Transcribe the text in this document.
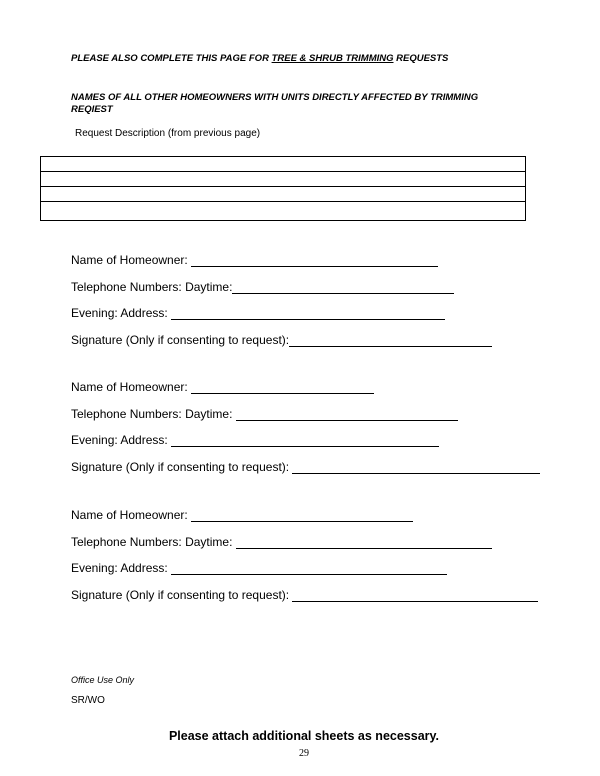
PLEASE ALSO COMPLETE THIS PAGE FOR TREE & SHRUB TRIMMING REQUESTS
NAMES OF ALL OTHER HOMEOWNERS WITH UNITS DIRECTLY AFFECTED BY TRIMMING REQIEST
Request Description (from previous page)
Name of Homeowner:
Telephone Numbers: Daytime:
Evening: Address:
Signature (Only if consenting to request):
Name of Homeowner:
Telephone Numbers: Daytime:
Evening: Address:
Signature (Only if consenting to request):
Name of Homeowner:
Telephone Numbers: Daytime:
Evening: Address:
Signature (Only if consenting to request):
Office Use Only
SR/WO
Please attach additional sheets as necessary.
29
